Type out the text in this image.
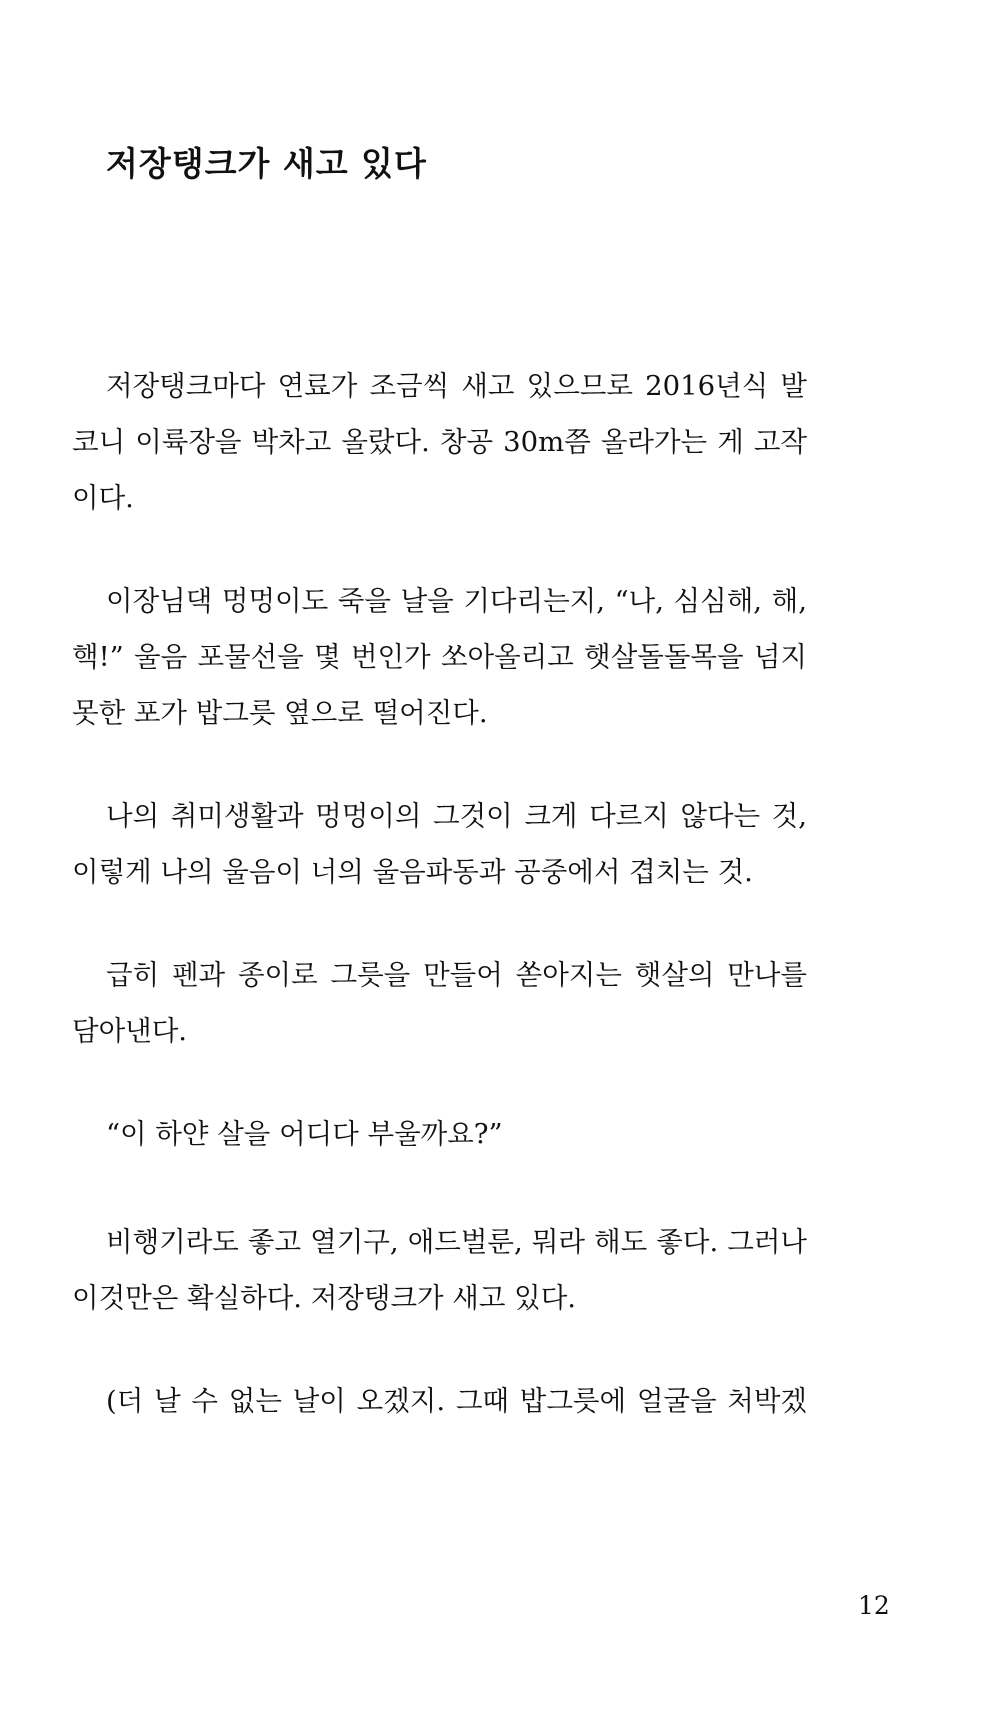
저장탱크가 새고 있다
저장탱크마다 연료가 조금씩 새고 있으므로 2016년식 발
코니 이륙장을 박차고 올랐다. 창공 30m쯤 올라가는 게 고작
이다.
이장님댁 멍멍이도 죽을 날을 기다리는지, “나, 심심해, 해,
핵!” 울음 포물선을 몇 번인가 쏘아올리고 햇살돌돌목을 넘지
못한 포가 밥그릇 옆으로 떨어진다.
나의 취미생활과 멍멍이의 그것이 크게 다르지 않다는 것,
이렇게 나의 울음이 너의 울음파동과 공중에서 겹치는 것.
급히 펜과 종이로 그릇을 만들어 쏟아지는 햇살의 만나를
담아낸다.
“이 하얀 살을 어디다 부울까요?”
비행기라도 좋고 열기구, 애드벌룬, 뭐라 해도 좋다. 그러나
이것만은 확실하다. 저장탱크가 새고 있다.
(더 날 수 없는 날이 오겠지. 그때 밥그릇에 얼굴을 처박겠
12
